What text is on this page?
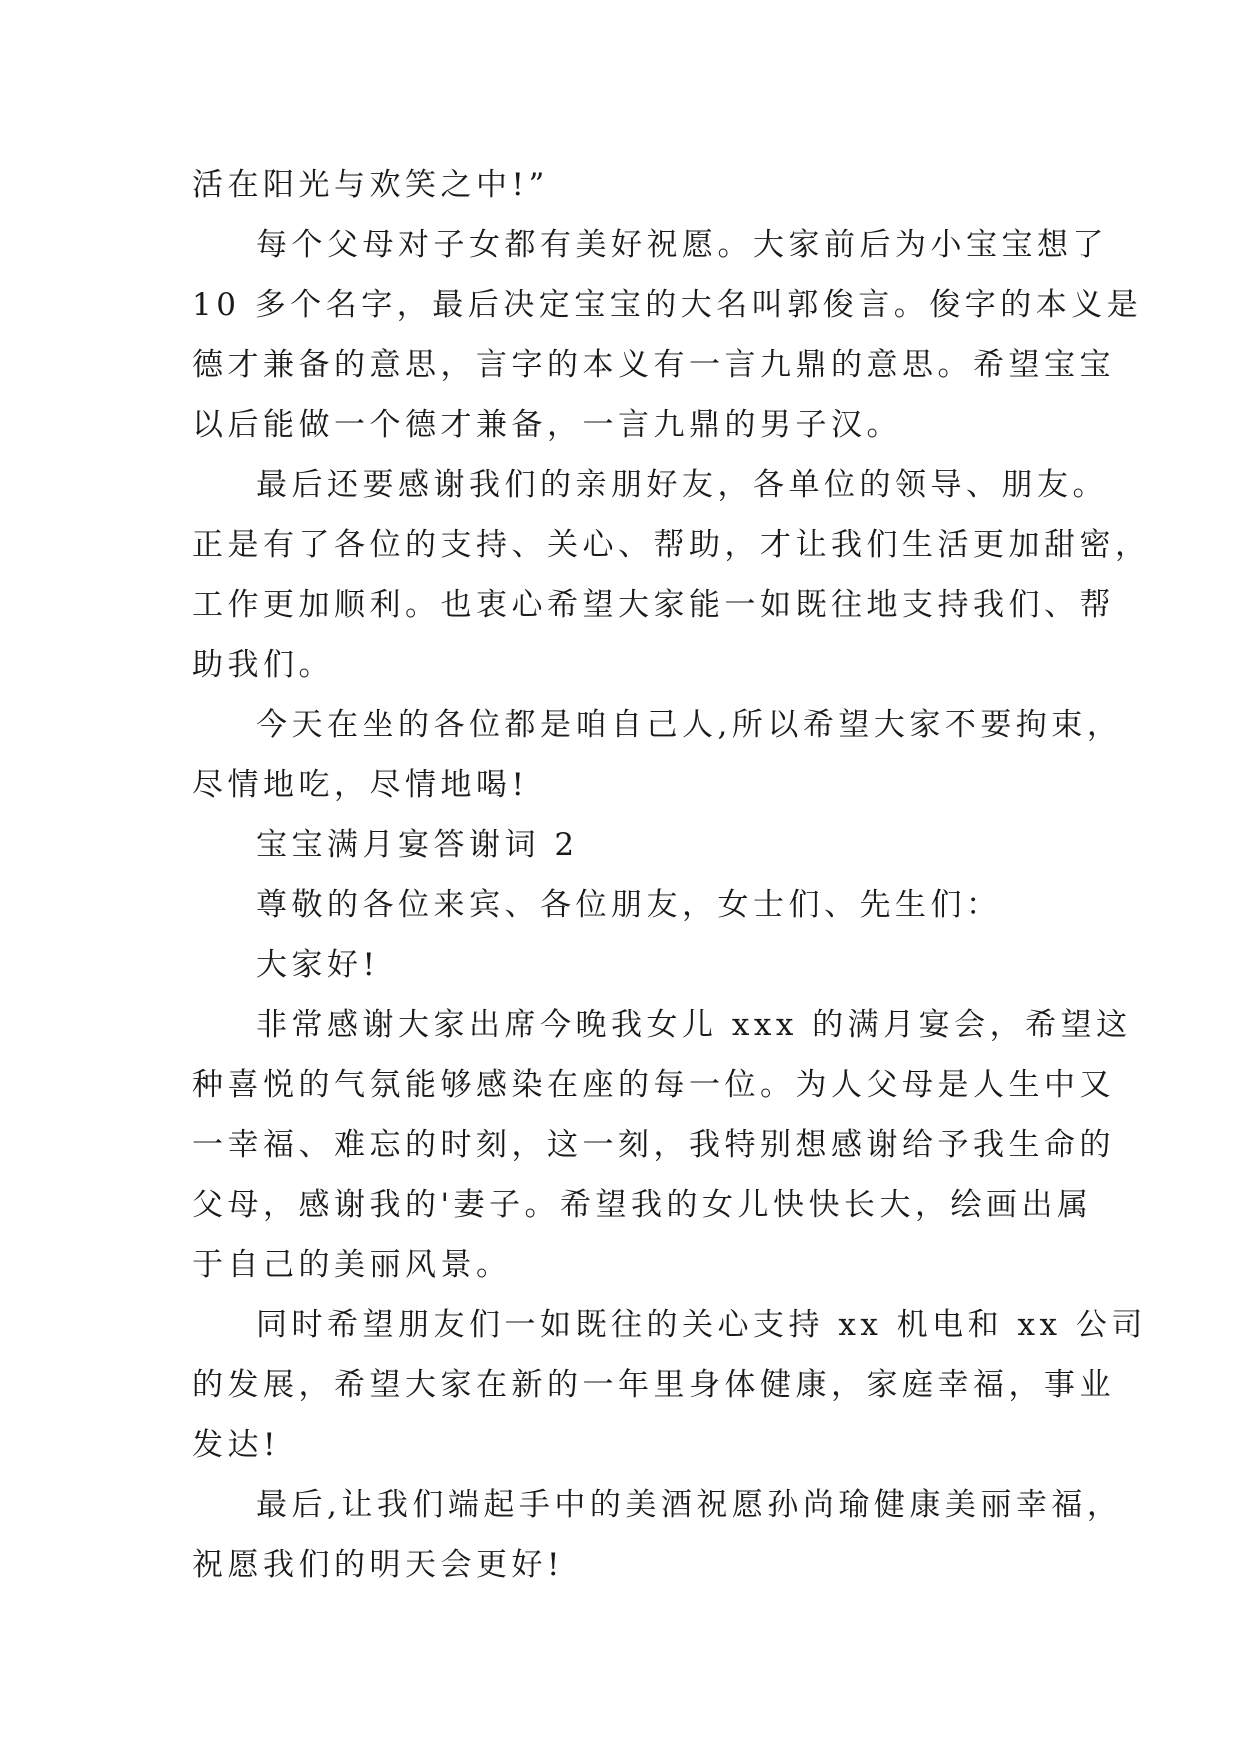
活在阳光与欢笑之中!”

每个父母对子女都有美好祝愿。大家前后为小宝宝想了
10 多个名字，最后决定宝宝的大名叫郭俊言。俊字的本义是
德才兼备的意思，言字的本义有一言九鼎的意思。希望宝宝
以后能做一个德才兼备，一言九鼎的男子汉。

最后还要感谢我们的亲朋好友，各单位的领导、朋友。
正是有了各位的支持、关心、帮助，才让我们生活更加甜密，
工作更加顺利。也衷心希望大家能一如既往地支持我们、帮
助我们。

今天在坐的各位都是咱自己人,所以希望大家不要拘束，
尽情地吃，尽情地喝!

宝宝满月宴答谢词 2

尊敬的各位来宾、各位朋友，女士们、先生们：

大家好!

非常感谢大家出席今晚我女儿 xxx 的满月宴会，希望这
种喜悦的气氛能够感染在座的每一位。为人父母是人生中又
一幸福、难忘的时刻，这一刻，我特别想感谢给予我生命的
父母，感谢我的'妻子。希望我的女儿快快长大，绘画出属
于自己的美丽风景。

同时希望朋友们一如既往的关心支持 xx 机电和 xx 公司
的发展，希望大家在新的一年里身体健康，家庭幸福，事业
发达!

最后,让我们端起手中的美酒祝愿孙尚瑜健康美丽幸福，
祝愿我们的明天会更好!
